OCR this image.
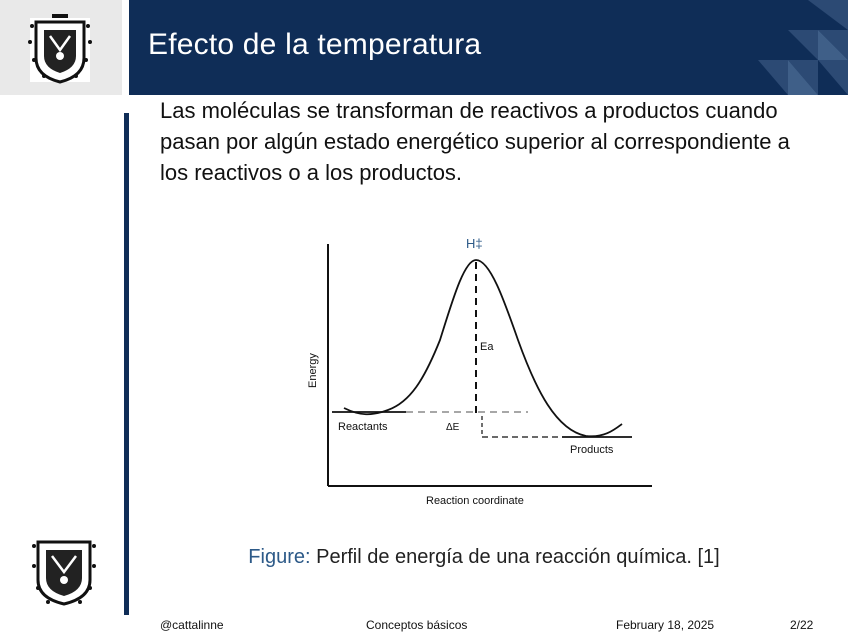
Efecto de la temperatura
Las moléculas se transforman de reactivos a productos cuando pasan por algún estado energético superior al correspondiente a los reactivos o a los productos.
H‡
Ea
Energy
Reaction coordinate
Reactants	ΔE
Products
Figure: Perfil de energía de una reacción química. [1]
@cattalinne	Conceptos básicos	February 18, 2025	2/22
